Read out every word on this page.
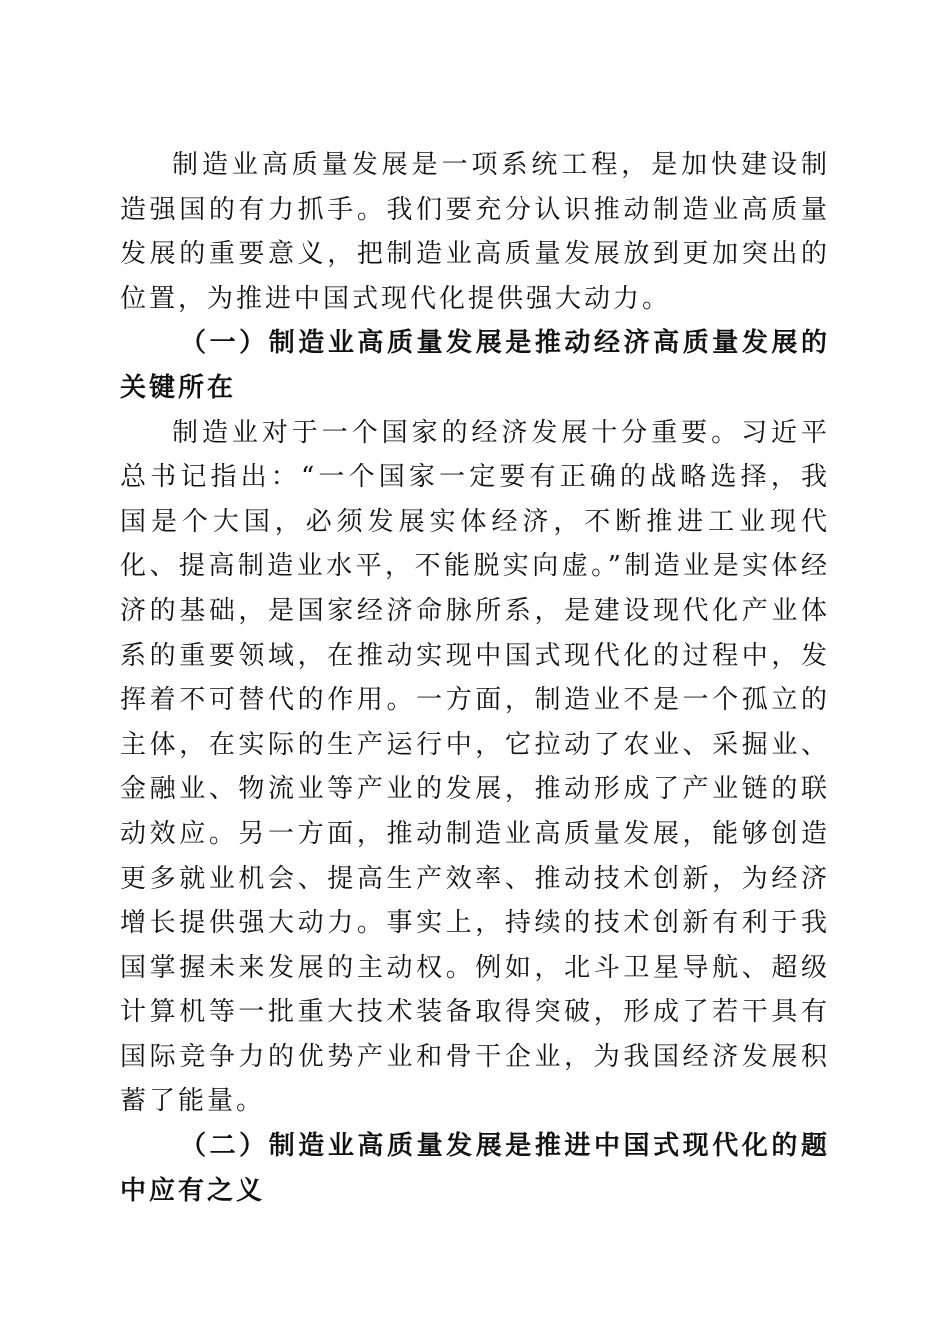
制造业高质量发展是一项系统工程，是加快建设制造强国的有力抓手。我们要充分认识推动制造业高质量发展的重要意义，把制造业高质量发展放到更加突出的位置，为推进中国式现代化提供强大动力。

（一）制造业高质量发展是推动经济高质量发展的关键所在

制造业对于一个国家的经济发展十分重要。习近平总书记指出：“一个国家一定要有正确的战略选择，我国是个大国，必须发展实体经济，不断推进工业现代化、提高制造业水平，不能脱实向虚。”制造业是实体经济的基础，是国家经济命脉所系，是建设现代化产业体系的重要领域，在推动实现中国式现代化的过程中，发挥着不可替代的作用。一方面，制造业不是一个孤立的主体，在实际的生产运行中，它拉动了农业、采掘业、金融业、物流业等产业的发展，推动形成了产业链的联动效应。另一方面，推动制造业高质量发展，能够创造更多就业机会、提高生产效率、推动技术创新，为经济增长提供强大动力。事实上，持续的技术创新有利于我国掌握未来发展的主动权。例如，北斗卫星导航、超级计算机等一批重大技术装备取得突破，形成了若干具有国际竞争力的优势产业和骨干企业，为我国经济发展积蓄了能量。

（二）制造业高质量发展是推进中国式现代化的题中应有之义
